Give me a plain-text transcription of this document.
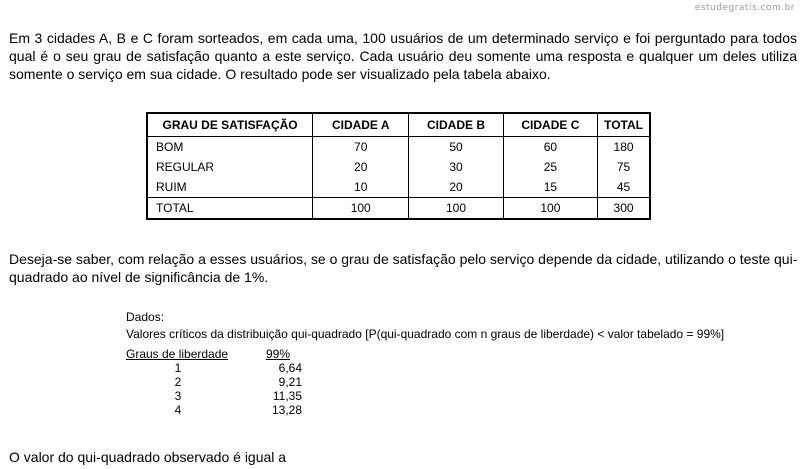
estudegratis.com.br
Em 3 cidades A, B e C foram sorteados, em cada uma, 100 usuários de um determinado serviço e foi perguntado para todos
qual é o seu grau de satisfação quanto a este serviço. Cada usuário deu somente uma resposta e qualquer um deles utiliza
somente o serviço em sua cidade. O resultado pode ser visualizado pela tabela abaixo.
GRAU DE SATISFAÇÃO	CIDADE A	CIDADE B	CIDADE C	TOTAL
BOM	70	50	60	180
REGULAR	20	30	25	75
RUIM	10	20	15	45
TOTAL	100	100	100	300
Deseja-se saber, com relação a esses usuários, se o grau de satisfação pelo serviço depende da cidade, utilizando o teste qui-
quadrado ao nível de significância de 1%.
Dados:
Valores críticos da distribuição qui-quadrado [P(qui-quadrado com n graus de liberdade) < valor tabelado = 99%]
Graus de liberdade	99%
1	6,64
2	9,21
3	11,35
4	13,28
O valor do qui-quadrado observado é igual a
